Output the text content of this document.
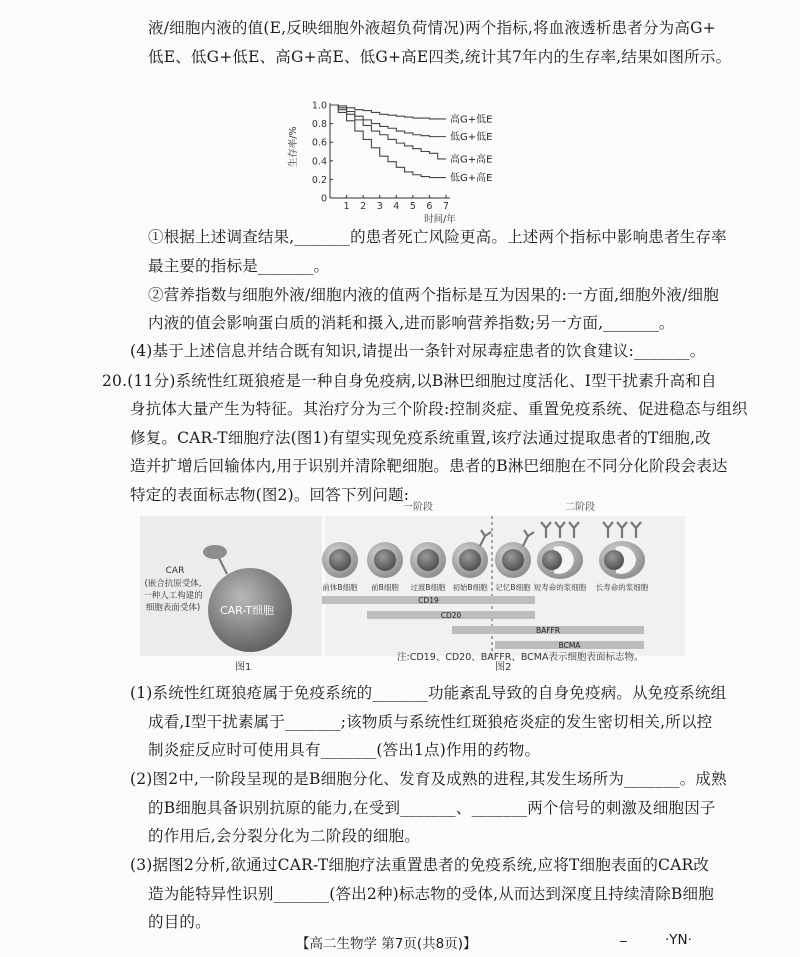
液/细胞内液的值(E,反映细胞外液超负荷情况)两个指标,将血液透析患者分为高G+
低E、低G+低E、高G+高E、低G+高E四类,统计其7年内的生存率,结果如图所示。
0
0.2
0.4
0.6
0.8
1.0
1 2 3 4 5 6 7
时间/年
生存率/%
高G+低E
低G+低E
高G+高E
低G+高E
①根据上述调查结果,_______的患者死亡风险更高。上述两个指标中影响患者生存率
最主要的指标是_______。
②营养指数与细胞外液/细胞内液的值两个指标是互为因果的:一方面,细胞外液/细胞
内液的值会影响蛋白质的消耗和摄入,进而影响营养指数;另一方面,_______。
(4)基于上述信息并结合既有知识,请提出一条针对尿毒症患者的饮食建议:_______。
20.(11分)系统性红斑狼疮是一种自身免疫病,以B淋巴细胞过度活化、I型干扰素升高和自
身抗体大量产生为特征。其治疗分为三个阶段:控制炎症、重置免疫系统、促进稳态与组织
修复。CAR-T细胞疗法(图1)有望实现免疫系统重置,该疗法通过提取患者的T细胞,改
造并扩增后回输体内,用于识别并清除靶细胞。患者的B淋巴细胞在不同分化阶段会表达
特定的表面标志物(图2)。回答下列问题:
CAR-T细胞
CAR
(嵌合抗原受体,
一种人工构建的
细胞表面受体)
一阶段	二阶段
前体B细胞 前B细胞 过渡B细胞 初始B细胞 记忆B细胞 短寿命的浆细胞 长寿命的浆细胞
CD19
CD20
BAFFR
BCMA
图1	图2
注:CD19、CD20、BAFFR、BCMA表示细胞表面标志物。
(1)系统性红斑狼疮属于免疫系统的_______功能紊乱导致的自身免疫病。从免疫系统组
成看,I型干扰素属于_______;该物质与系统性红斑狼疮炎症的发生密切相关,所以控
制炎症反应时可使用具有_______(答出1点)作用的药物。
(2)图2中,一阶段呈现的是B细胞分化、发育及成熟的进程,其发生场所为_______。成熟
的B细胞具备识别抗原的能力,在受到_______、_______两个信号的刺激及细胞因子
的作用后,会分裂分化为二阶段的细胞。
(3)据图2分析,欲通过CAR-T细胞疗法重置患者的免疫系统,应将T细胞表面的CAR改
造为能特异性识别_______(答出2种)标志物的受体,从而达到深度且持续清除B细胞
的目的。
【高二生物学 第7页(共8页)】
_	·YN·
